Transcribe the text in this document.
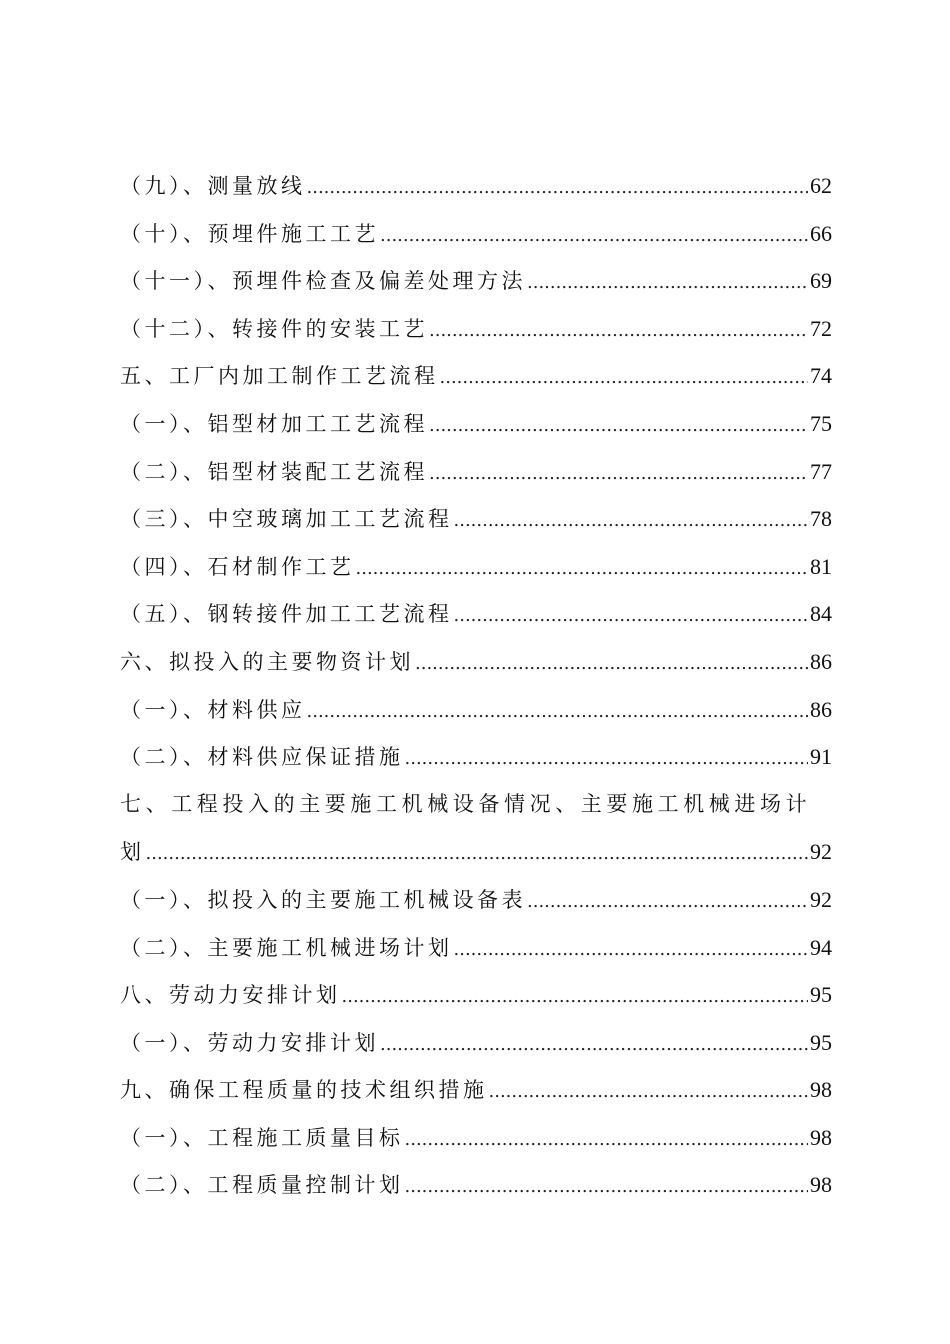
（九）、测量放线 .....	62
（十）、预埋件施工工艺 .....	66
（十一）、预埋件检查及偏差处理方法 .....	69
（十二）、转接件的安装工艺 .....	72
五、工厂内加工制作工艺流程 .....	74
（一）、铝型材加工工艺流程 .....	75
（二）、铝型材装配工艺流程 .....	77
（三）、中空玻璃加工工艺流程 .....	78
（四）、石材制作工艺 .....	81
（五）、钢转接件加工工艺流程 .....	84
六、拟投入的主要物资计划 .....	86
（一）、材料供应 .....	86
（二）、材料供应保证措施 .....	91
七、工程投入的主要施工机械设备情况、主要施工机械进场计
划 .....	92
（一）、拟投入的主要施工机械设备表 .....	92
（二）、主要施工机械进场计划 .....	94
八、劳动力安排计划 .....	95
（一）、劳动力安排计划 .....	95
九、确保工程质量的技术组织措施 .....	98
（一）、工程施工质量目标 .....	98
（二）、工程质量控制计划 .....	98
